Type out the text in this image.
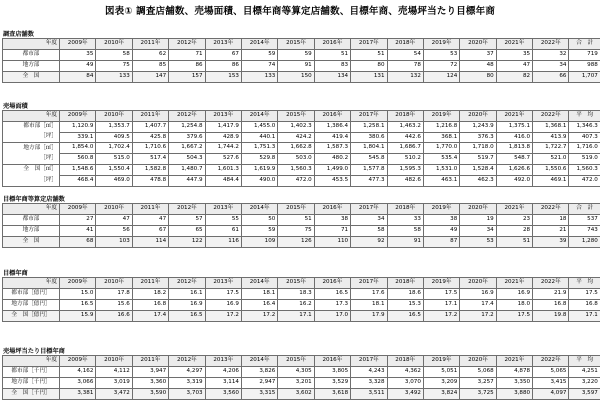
図表① 調査店舗数、売場面積、目標年商等算定店舗数、目標年商、売場坪当たり目標年商
調査店舗数
年度	2009年	2010年	2011年	2012年	2013年	2014年	2015年	2016年	2017年	2018年	2019年	2020年	2021年	2022年	合　計
都市部	35	58	62	71	67	59	59	51	51	54	53	37	35	32	719
地方部	49	75	85	86	86	74	91	83	80	78	72	48	47	34	988
全　国	84	133	147	157	153	133	150	134	131	132	124	80	82	66	1,707
売場面積
年度	2009年	2010年	2011年	2012年	2013年	2014年	2015年	2016年	2017年	2018年	2019年	2020年	2021年	2022年	平　均
都市部［㎡］	1,120.9	1,353.7	1,407.7	1,254.8	1,417.9	1,455.0	1,402.3	1,386.4	1,258.1	1,463.2	1,216.8	1,243.9	1,375.1	1,368.1	1,346.3
［坪］	339.1	409.5	425.8	379.6	428.9	440.1	424.2	419.4	380.6	442.6	368.1	376.3	416.0	413.9	407.3
地方部［㎡］	1,854.0	1,702.4	1,710.6	1,667.2	1,744.2	1,751.3	1,662.8	1,587.3	1,804.1	1,686.7	1,770.0	1,718.0	1,813.8	1,722.7	1,716.0
［坪］	560.8	515.0	517.4	504.3	527.6	529.8	503.0	480.2	545.8	510.2	535.4	519.7	548.7	521.0	519.0
全　国［㎡］	1,548.6	1,550.4	1,582.8	1,480.7	1,601.3	1,619.9	1,560.3	1,499.0	1,577.8	1,595.3	1,531.0	1,528.4	1,626.6	1,550.6	1,560.3
［坪］	468.4	469.0	478.8	447.9	484.4	490.0	472.0	453.5	477.3	482.6	463.1	462.3	492.0	469.1	472.0
目標年商等算定店舗数
年度	2009年	2010年	2011年	2012年	2013年	2014年	2015年	2016年	2017年	2018年	2019年	2020年	2021年	2022年	合　計
都市部	27	47	47	57	55	50	51	38	34	33	38	19	23	18	537
地方部	41	56	67	65	61	59	75	71	58	58	49	34	28	21	743
全　国	68	103	114	122	116	109	126	110	92	91	87	53	51	39	1,280
目標年商
年度	2009年	2010年	2011年	2012年	2013年	2014年	2015年	2016年	2017年	2018年	2019年	2020年	2021年	2022年	平　均
都市部［億円］	15.0	17.8	18.2	16.1	17.5	18.1	18.3	16.5	17.6	18.6	17.5	16.9	16.9	21.9	17.5
地方部［億円］	16.5	15.6	16.8	16.9	16.9	16.4	16.2	17.3	18.1	15.3	17.1	17.4	18.0	16.8	16.8
全　国［億円］	15.9	16.6	17.4	16.5	17.2	17.2	17.1	17.0	17.9	16.5	17.2	17.2	17.5	19.8	17.1
売場坪当たり目標年商
年度	2009年	2010年	2011年	2012年	2013年	2014年	2015年	2016年	2017年	2018年	2019年	2020年	2021年	2022年	平　均
都市部［千円］	4,162	4,112	3,947	4,297	4,206	3,826	4,305	3,805	4,243	4,362	5,051	5,068	4,878	5,065	4,251
地方部［千円］	3,066	3,019	3,360	3,319	3,114	2,947	3,201	3,529	3,328	3,070	3,209	3,257	3,350	3,415	3,220
全　国［千円］	3,381	3,472	3,590	3,703	3,560	3,315	3,602	3,618	3,511	3,492	3,824	3,725	3,880	4,097	3,597
